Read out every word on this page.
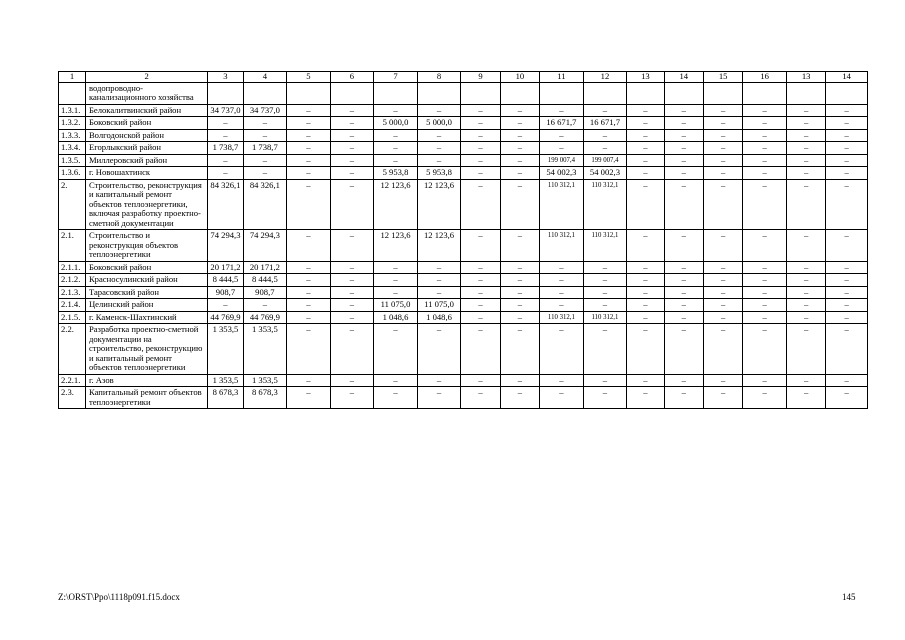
1	2	3	4	5	6	7	8	9	10	11	12	13	14	15	16	13	14
	водопроводно-канализационного хозяйства																
1.3.1.	Белокалитвинский район	34 737,0	34 737,0	–	–	–	–	–	–	–	–	–	–	–	–	–	–
1.3.2.	Боковский район	–	–	–	–	5 000,0	5 000,0	–	–	16 671,7	16 671,7	–	–	–	–	–	–
1.3.3.	Волгодонской район	–	–	–	–	–	–	–	–	–	–	–	–	–	–	–	–
1.3.4.	Егорлыкский район	1 738,7	1 738,7	–	–	–	–	–	–	–	–	–	–	–	–	–	–
1.3.5.	Миллеровский район	–	–	–	–	–	–	–	–	199 007,4	199 007,4	–	–	–	–	–	–
1.3.6.	г. Новошахтинск	–	–	–	–	5 953,8	5 953,8	–	–	54 002,3	54 002,3	–	–	–	–	–	–
2.	Строительство, реконструкция и капитальный ремонт объектов теплоэнергетики, включая разработку проектно-сметной документации	84 326,1	84 326,1	–	–	12 123,6	12 123,6	–	–	110 312,1	110 312,1	–	–	–	–	–	–
2.1.	Строительство и реконструкция объектов теплоэнергетики	74 294,3	74 294,3	–	–	12 123,6	12 123,6	–	–	110 312,1	110 312,1	–	–	–	–	–	–
2.1.1.	Боковский район	20 171,2	20 171,2	–	–	–	–	–	–	–	–	–	–	–	–	–	–
2.1.2.	Красносулинский район	8 444,5	8 444,5	–	–	–	–	–	–	–	–	–	–	–	–	–	–
2.1.3.	Тарасовский район	908,7	908,7	–	–	–	–	–	–	–	–	–	–	–	–	–	–
2.1.4.	Целинский район	–	–	–	–	11 075,0	11 075,0	–	–	–	–	–	–	–	–	–	–
2.1.5.	г. Каменск-Шахтинский	44 769,9	44 769,9	–	–	1 048,6	1 048,6	–	–	110 312,1	110 312,1	–	–	–	–	–	–
2.2.	Разработка проектно-сметной документации на строительство, реконструкцию и капитальный ремонт объектов теплоэнергетики	1 353,5	1 353,5	–	–	–	–	–	–	–	–	–	–	–	–	–	–
2.2.1.	г. Азов	1 353,5	1 353,5	–	–	–	–	–	–	–	–	–	–	–	–	–	–
2.3.	Капитальный ремонт объектов теплоэнергетики	8 678,3	8 678,3	–	–	–	–	–	–	–	–	–	–	–	–	–	–
Z:\ORST\Ppo\1118p091.f15.docx	145
